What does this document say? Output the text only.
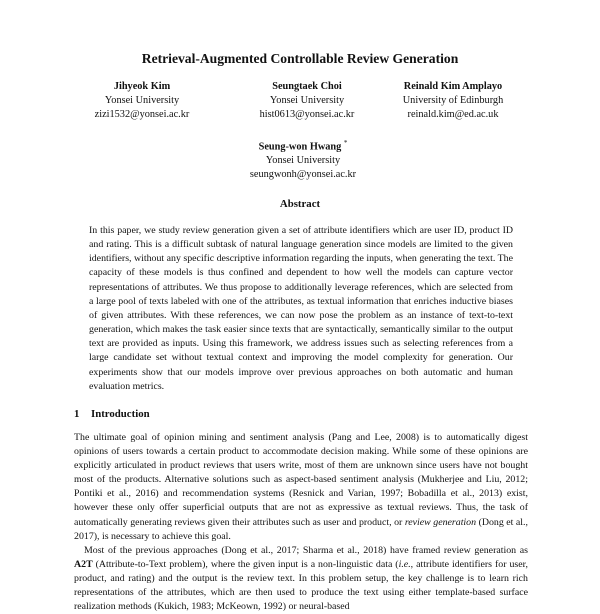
Retrieval-Augmented Controllable Review Generation
Jihyeok Kim
Yonsei University
zizi1532@yonsei.ac.kr
Seungtaek Choi
Yonsei University
hist0613@yonsei.ac.kr
Reinald Kim Amplayo
University of Edinburgh
reinald.kim@ed.ac.uk
Seung-won Hwang *
Yonsei University
seungwonh@yonsei.ac.kr
Abstract

In this paper, we study review generation given a set of attribute identifiers which are user ID, product ID and rating. This is a difficult subtask of natural language generation since models are limited to the given identifiers, without any specific descriptive information regarding the inputs, when generating the text. The capacity of these models is thus confined and dependent to how well the models can capture vector representations of attributes. We thus propose to additionally leverage references, which are selected from a large pool of texts labeled with one of the attributes, as textual information that enriches inductive biases of given attributes. With these references, we can now pose the problem as an instance of text-to-text generation, which makes the task easier since texts that are syntactically, semantically similar to the output text are provided as inputs. Using this framework, we address issues such as selecting references from a large candidate set without textual context and improving the model complexity for generation. Our experiments show that our models improve over previous approaches on both automatic and human evaluation metrics.

1 Introduction

The ultimate goal of opinion mining and sentiment analysis (Pang and Lee, 2008) is to automatically digest opinions of users towards a certain product to accommodate decision making. While some of these opinions are explicitly articulated in product reviews that users write, most of them are unknown since users have not bought most of the products. Alternative solutions such as aspect-based sentiment analysis (Mukherjee and Liu, 2012; Pontiki et al., 2016) and recommendation systems (Resnick and Varian, 1997; Bobadilla et al., 2013) exist, however these only offer superficial outputs that are not as expressive as textual reviews. Thus, the task of automatically generating reviews given their attributes such as user and product, or review generation (Dong et al., 2017), is necessary to achieve this goal.

Most of the previous approaches (Dong et al., 2017; Sharma et al., 2018) have framed review generation as A2T (Attribute-to-Text problem), where the given input is a non-linguistic data (i.e., attribute identifiers for user, product, and rating) and the output is the review text. In this problem setup, the key challenge is to learn rich representations of the attributes, which are then used to produce the text using either template-based surface realization methods (Kukich, 1983; McKeown, 1992) or neural-based
